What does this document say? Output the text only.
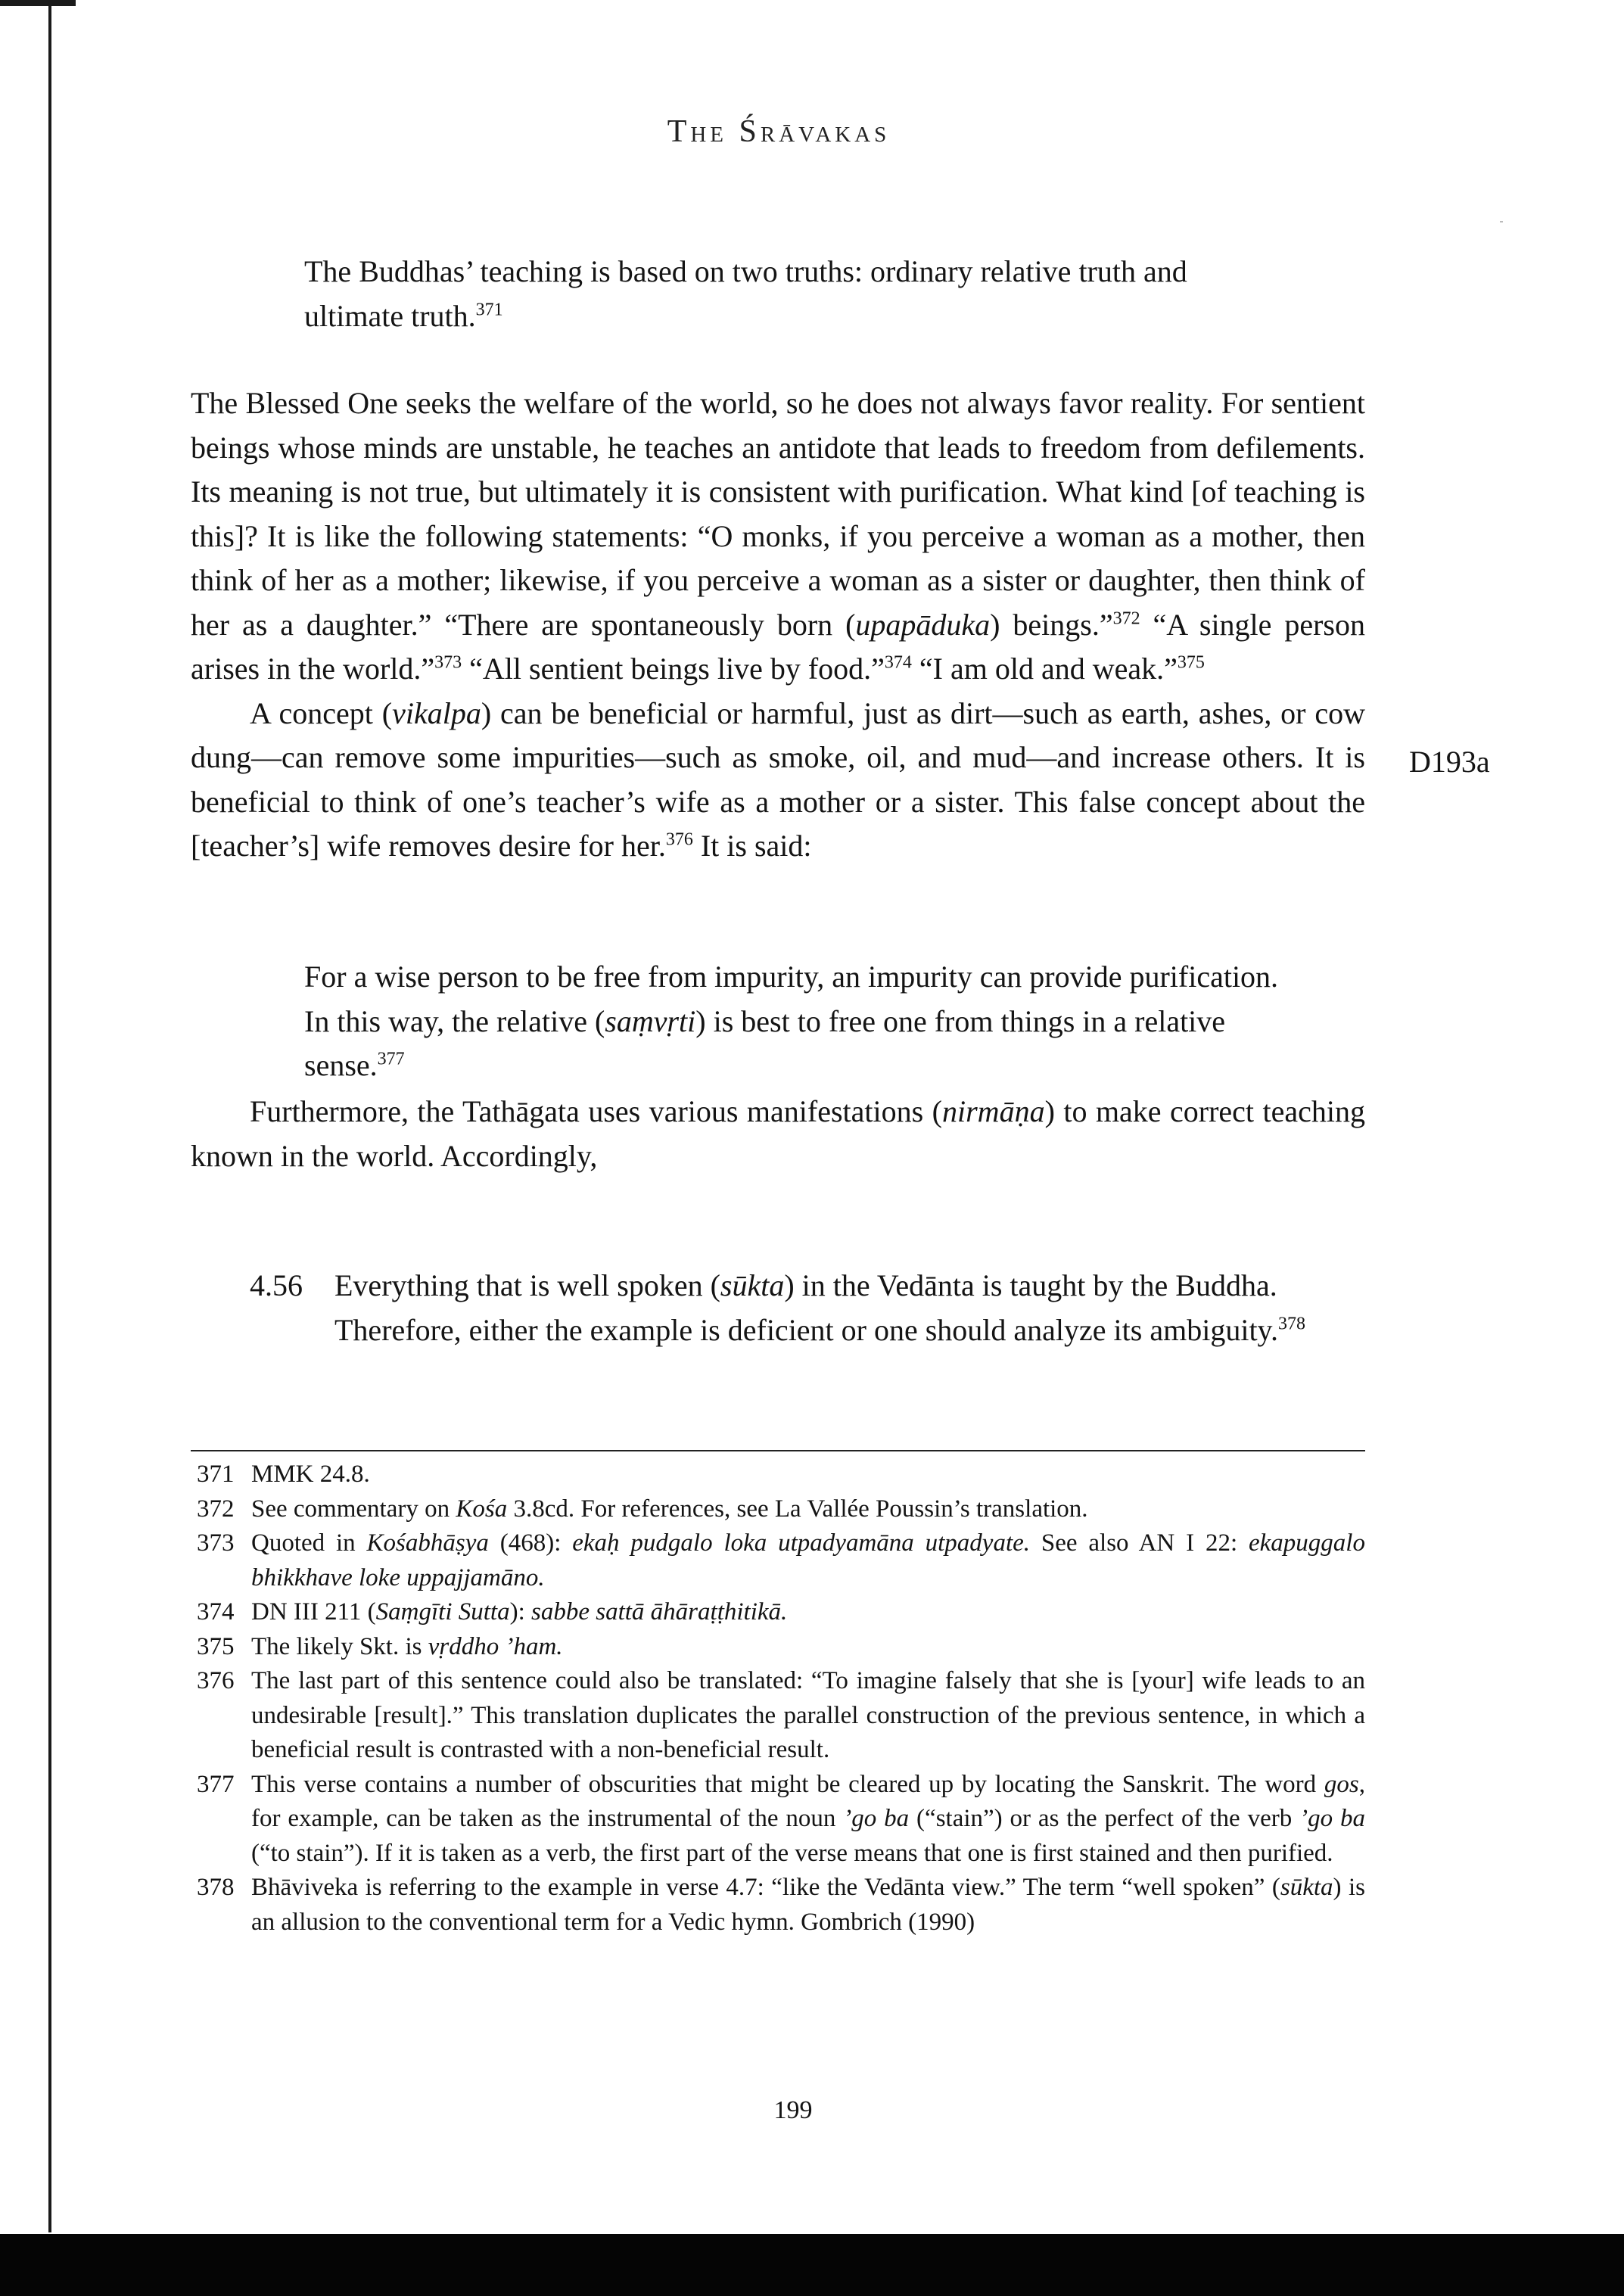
The Śrāvakas

The Buddhas’ teaching is based on two truths: ordinary relative truth and ultimate truth.$^{371}$

The Blessed One seeks the welfare of the world, so he does not always favor reality. For sentient beings whose minds are unstable, he teaches an antidote that leads to freedom from defilements. Its meaning is not true, but ultimately it is consistent with purification. What kind [of teaching is this]? It is like the following statements: “O monks, if you perceive a woman as a mother, then think of her as a mother; likewise, if you perceive a woman as a sister or daughter, then think of her as a daughter.” “There are spontaneously born (upapāduka) beings.”$^{372}$ “A single person arises in the world.”$^{373}$ “All sentient beings live by food.”$^{374}$ “I am old and weak.”$^{375}$

A concept (vikalpa) can be beneficial or harmful, just as dirt—such as earth, ashes, or cow dung—can remove some impurities—such as smoke, oil, and mud—and increase others. It is beneficial to think of one’s teacher’s wife as a mother or a sister. This false concept about the [teacher’s] wife removes desire for her.$^{376}$ It is said:

D193a

For a wise person to be free from impurity, an impurity can provide purification. In this way, the relative (saṃvṛti) is best to free one from things in a relative sense.$^{377}$

Furthermore, the Tathāgata uses various manifestations (nirmāṇa) to make correct teaching known in the world. Accordingly,

4.56 Everything that is well spoken (sūkta) in the Vedānta is taught by the Buddha. Therefore, either the example is deficient or one should analyze its ambiguity.$^{378}$
371 MMK 24.8.
372 See commentary on Kośa 3.8cd. For references, see La Vallée Poussin’s translation.
373 Quoted in Kośabhāṣya (468): ekaḥ pudgalo loka utpadyamāna utpadyate. See also AN I 22: ekapuggalo bhikkhave loke uppajjamāno.
374 DN III 211 (Saṃgīti Sutta): sabbe sattā āhāraṭṭhitikā.
375 The likely Skt. is vṛddho ’ham.
376 The last part of this sentence could also be translated: “To imagine falsely that she is [your] wife leads to an undesirable [result].” This translation duplicates the parallel construction of the previous sentence, in which a beneficial result is contrasted with a non-beneficial result.
377 This verse contains a number of obscurities that might be cleared up by locating the Sanskrit. The word gos, for example, can be taken as the instrumental of the noun ’go ba (“stain”) or as the perfect of the verb ’go ba (“to stain”). If it is taken as a verb, the first part of the verse means that one is first stained and then purified.
378 Bhāviveka is referring to the example in verse 4.7: “like the Vedānta view.” The term “well spoken” (sūkta) is an allusion to the conventional term for a Vedic hymn. Gombrich (1990)
199
